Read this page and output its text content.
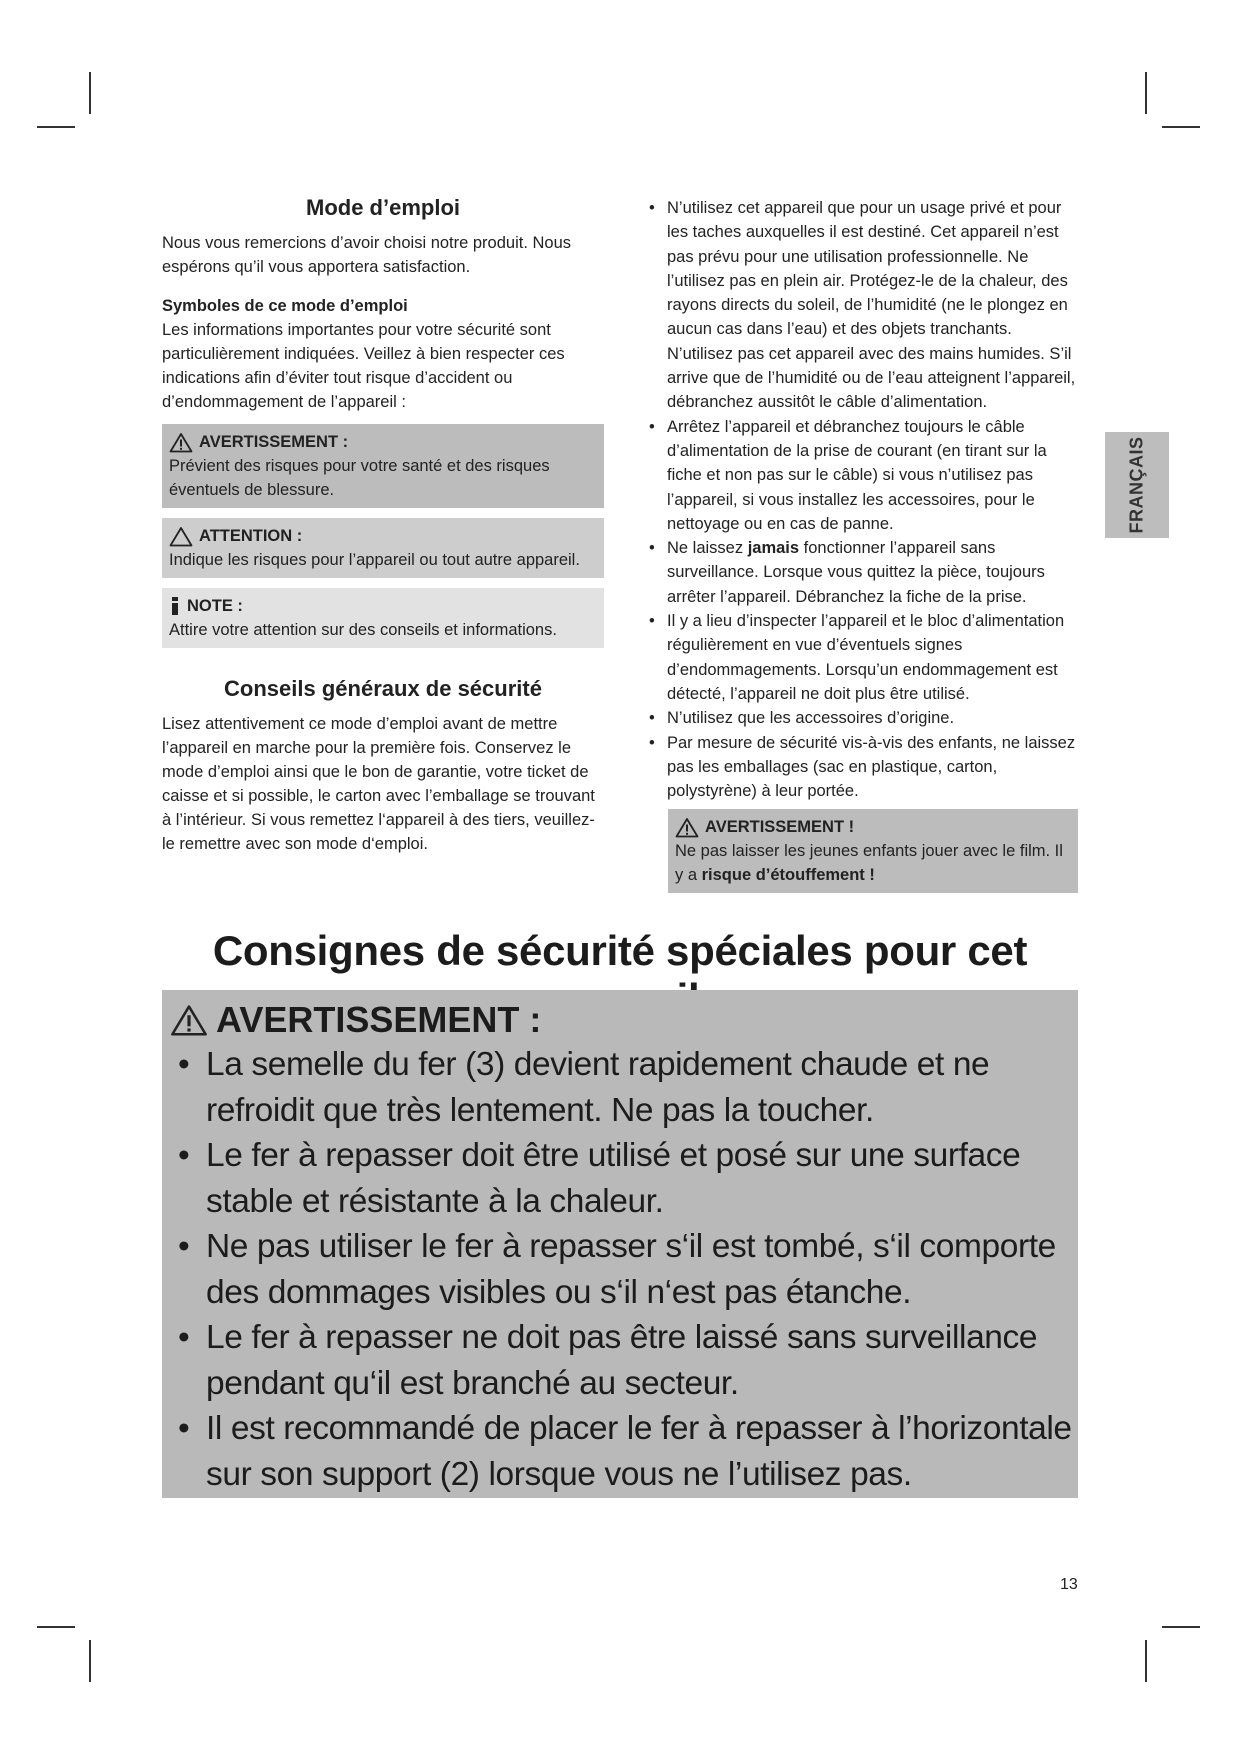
Mode d’emploi

Nous vous remercions d’avoir choisi notre produit. Nous espérons qu’il vous apportera satisfaction.

Symboles de ce mode d’emploi

Les informations importantes pour votre sécurité sont particulièrement indiquées. Veillez à bien respecter ces indications afin d’éviter tout risque d’accident ou d’endommagement de l’appareil :

AVERTISSEMENT :
Prévient des risques pour votre santé et des risques éventuels de blessure.
ATTENTION :
Indique les risques pour l’appareil ou tout autre appareil.
NOTE :
Attire votre attention sur des conseils et informations.
Conseils généraux de sécurité

Lisez attentivement ce mode d’emploi avant de mettre l’appareil en marche pour la première fois. Conservez le mode d’emploi ainsi que le bon de garantie, votre ticket de caisse et si possible, le carton avec l’emballage se trouvant à l’intérieur. Si vous remettez l‘appareil à des tiers, veuillez-le remettre avec son mode d‘emploi.

• N’utilisez cet appareil que pour un usage privé et pour les taches auxquelles il est destiné. Cet appareil n’est pas prévu pour une utilisation professionnelle. Ne l’utilisez pas en plein air. Protégez-le de la chaleur, des rayons directs du soleil, de l’humidité (ne le plongez en aucun cas dans l’eau) et des objets tranchants. N’utilisez pas cet appareil avec des mains humides. S’il arrive que de l’humidité ou de l’eau atteignent l’appareil, débranchez aussitôt le câble d’alimentation.
• Arrêtez l’appareil et débranchez toujours le câble d’alimentation de la prise de courant (en tirant sur la fiche et non pas sur le câble) si vous n’utilisez pas l’appareil, si vous installez les accessoires, pour le nettoyage ou en cas de panne.
• Ne laissez jamais fonctionner l’appareil sans surveillance. Lorsque vous quittez la pièce, toujours arrêter l’appareil. Débranchez la fiche de la prise.
• Il y a lieu d’inspecter l’appareil et le bloc d’alimentation régulièrement en vue d’éventuels signes d’endommagements. Lorsqu’un endommagement est détecté, l’appareil ne doit plus être utilisé.
• N’utilisez que les accessoires d’origine.
• Par mesure de sécurité vis-à-vis des enfants, ne laissez pas les emballages (sac en plastique, carton, polystyrène) à leur portée.
AVERTISSEMENT !
Ne pas laisser les jeunes enfants jouer avec le film. Il y a risque d’étouffement !
FRANÇAIS
Consignes de sécurité spéciales pour cet
AVERTISSEMENT :
• La semelle du fer (3) devient rapidement chaude et ne refroidit que très lentement. Ne pas la toucher.
• Le fer à repasser doit être utilisé et posé sur une surface stable et résistante à la chaleur.
• Ne pas utiliser le fer à repasser s‘il est tombé, s‘il comporte des dommages visibles ou s‘il n‘est pas étanche.
• Le fer à repasser ne doit pas être laissé sans surveillance pendant qu‘il est branché au secteur.
• Il est recommandé de placer le fer à repasser à l’horizontale sur son support (2) lorsque vous ne l’utilisez pas.
13
